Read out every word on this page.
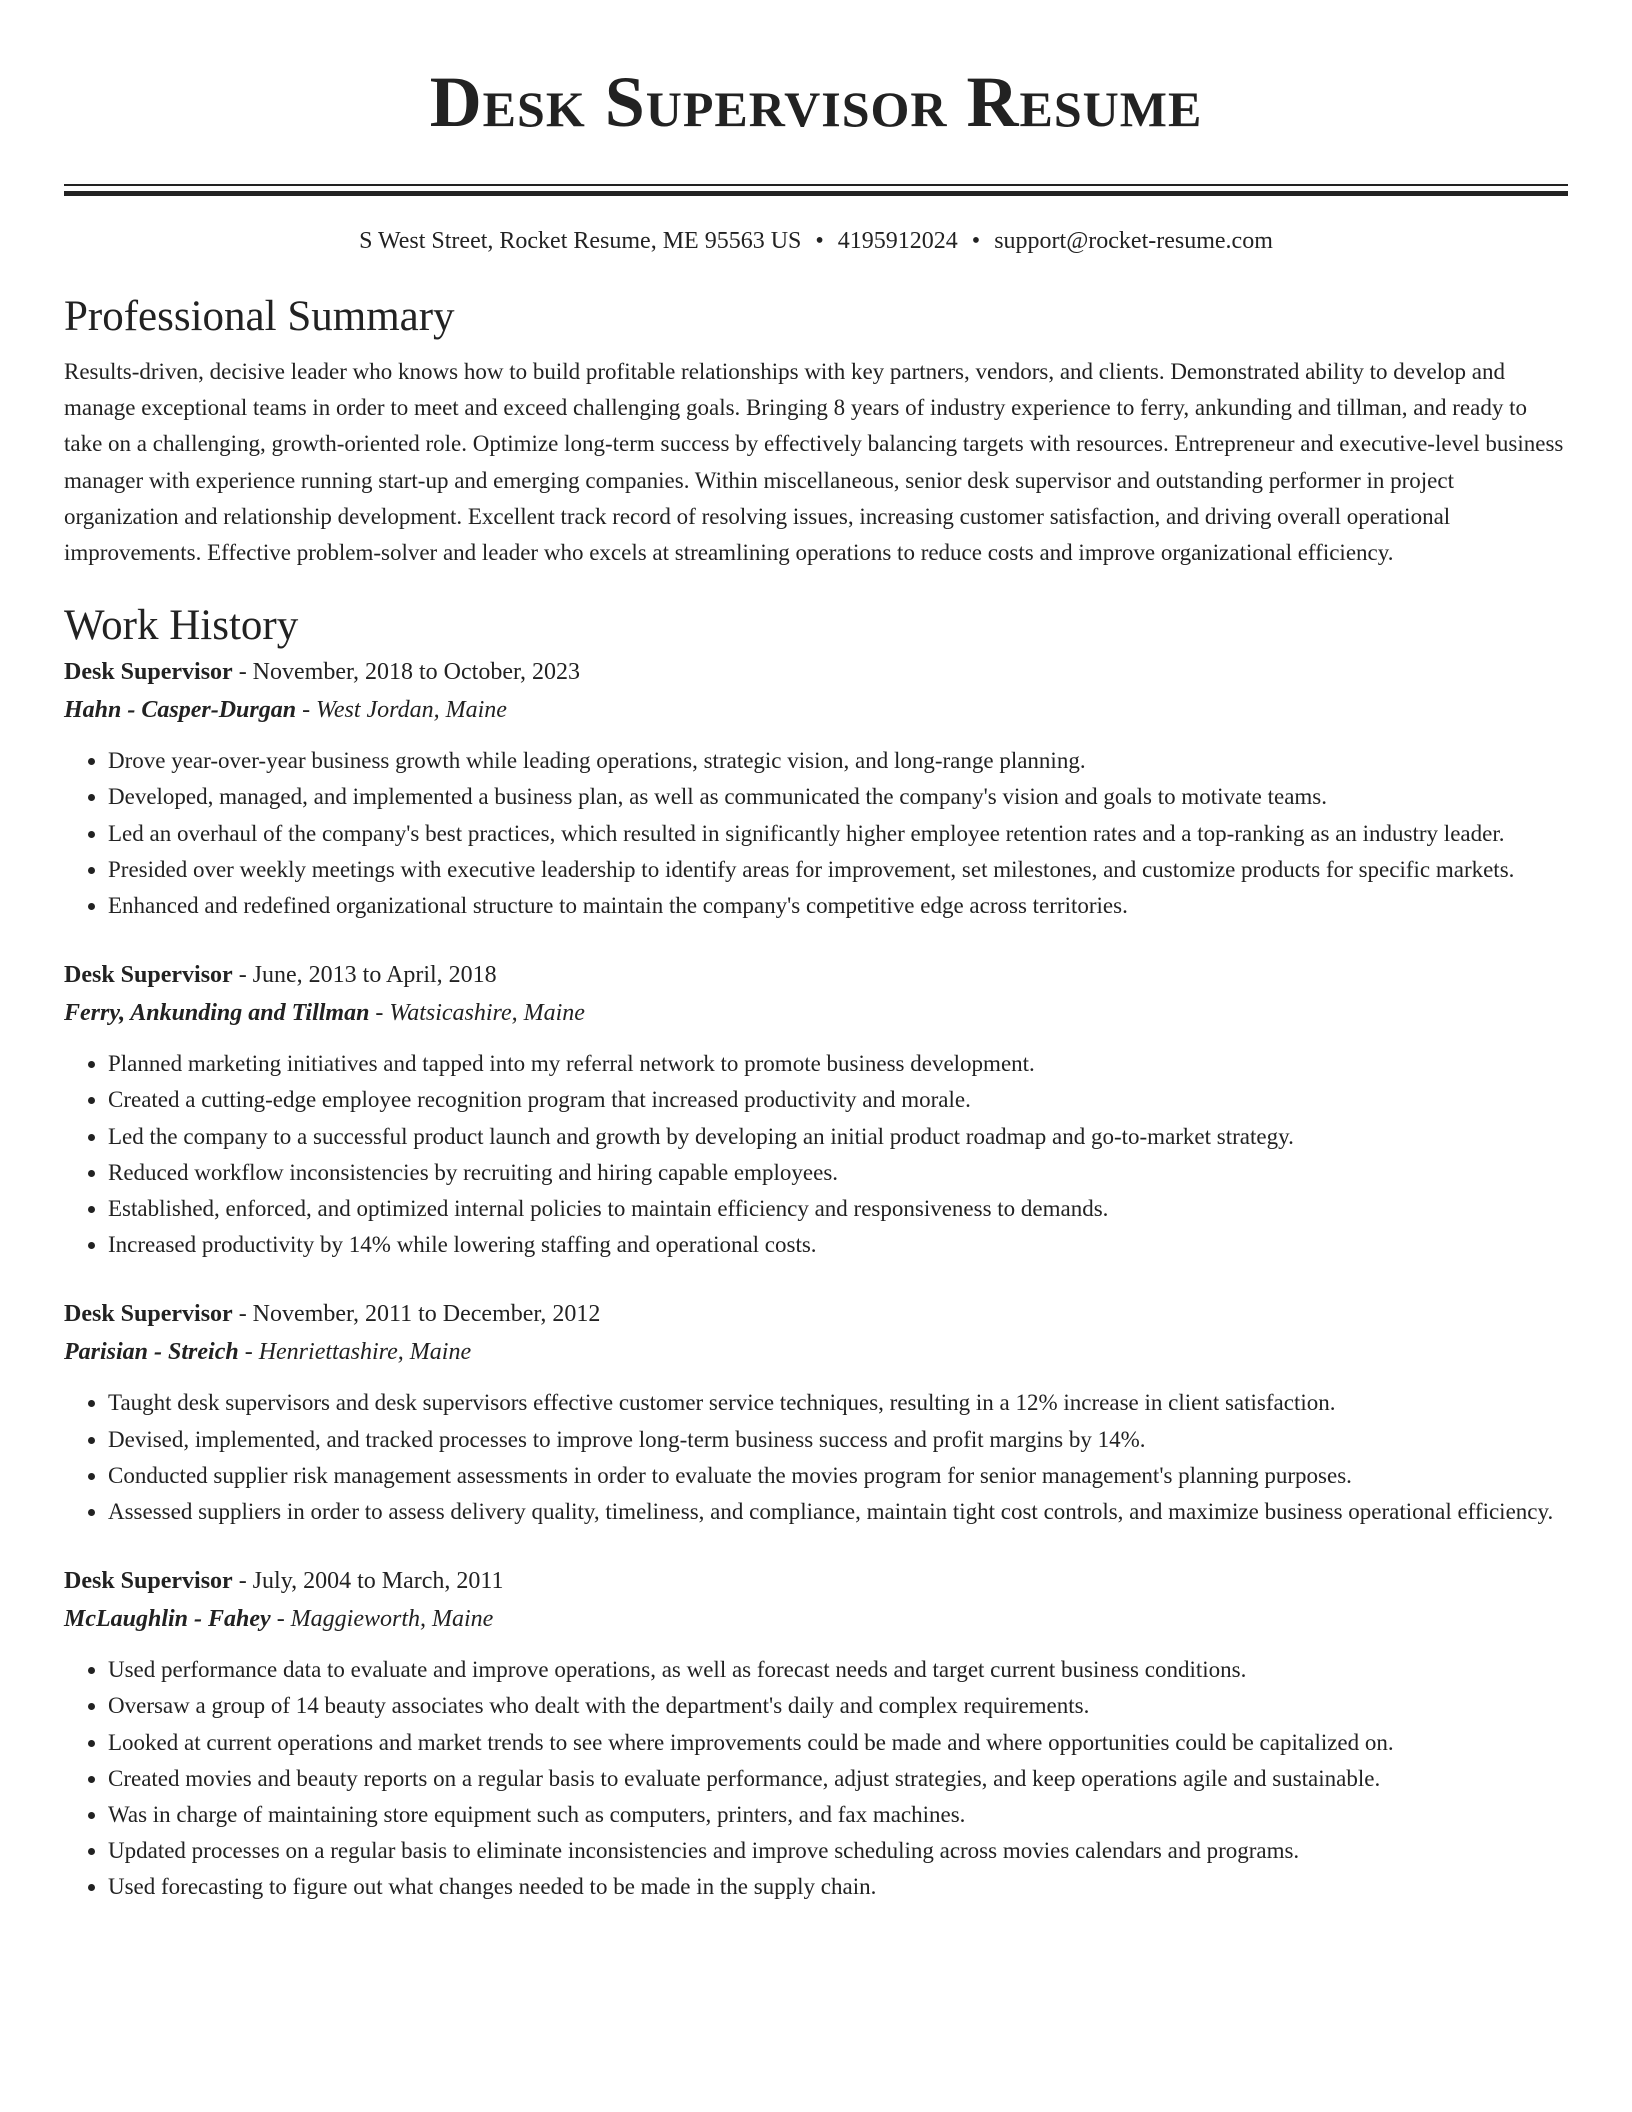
Desk Supervisor Resume
S West Street, Rocket Resume, ME 95563 US • 4195912024 • support@rocket-resume.com
Professional Summary

Results-driven, decisive leader who knows how to build profitable relationships with key partners, vendors, and clients. Demonstrated ability to develop and manage exceptional teams in order to meet and exceed challenging goals. Bringing 8 years of industry experience to ferry, ankunding and tillman, and ready to take on a challenging, growth-oriented role. Optimize long-term success by effectively balancing targets with resources. Entrepreneur and executive-level business manager with experience running start-up and emerging companies. Within miscellaneous, senior desk supervisor and outstanding performer in project organization and relationship development. Excellent track record of resolving issues, increasing customer satisfaction, and driving overall operational improvements. Effective problem-solver and leader who excels at streamlining operations to reduce costs and improve organizational efficiency.

Work History
Desk Supervisor - November, 2018 to October, 2023
Hahn - Casper-Durgan - West Jordan, Maine
• Drove year-over-year business growth while leading operations, strategic vision, and long-range planning.
• Developed, managed, and implemented a business plan, as well as communicated the company's vision and goals to motivate teams.
• Led an overhaul of the company's best practices, which resulted in significantly higher employee retention rates and a top-ranking as an industry leader.
• Presided over weekly meetings with executive leadership to identify areas for improvement, set milestones, and customize products for specific markets.
• Enhanced and redefined organizational structure to maintain the company's competitive edge across territories.
Desk Supervisor - June, 2013 to April, 2018
Ferry, Ankunding and Tillman - Watsicashire, Maine
• Planned marketing initiatives and tapped into my referral network to promote business development.
• Created a cutting-edge employee recognition program that increased productivity and morale.
• Led the company to a successful product launch and growth by developing an initial product roadmap and go-to-market strategy.
• Reduced workflow inconsistencies by recruiting and hiring capable employees.
• Established, enforced, and optimized internal policies to maintain efficiency and responsiveness to demands.
• Increased productivity by 14% while lowering staffing and operational costs.
Desk Supervisor - November, 2011 to December, 2012
Parisian - Streich - Henriettashire, Maine
• Taught desk supervisors and desk supervisors effective customer service techniques, resulting in a 12% increase in client satisfaction.
• Devised, implemented, and tracked processes to improve long-term business success and profit margins by 14%.
• Conducted supplier risk management assessments in order to evaluate the movies program for senior management's planning purposes.
• Assessed suppliers in order to assess delivery quality, timeliness, and compliance, maintain tight cost controls, and maximize business operational efficiency.
Desk Supervisor - July, 2004 to March, 2011
McLaughlin - Fahey - Maggieworth, Maine
• Used performance data to evaluate and improve operations, as well as forecast needs and target current business conditions.
• Oversaw a group of 14 beauty associates who dealt with the department's daily and complex requirements.
• Looked at current operations and market trends to see where improvements could be made and where opportunities could be capitalized on.
• Created movies and beauty reports on a regular basis to evaluate performance, adjust strategies, and keep operations agile and sustainable.
• Was in charge of maintaining store equipment such as computers, printers, and fax machines.
• Updated processes on a regular basis to eliminate inconsistencies and improve scheduling across movies calendars and programs.
• Used forecasting to figure out what changes needed to be made in the supply chain.
